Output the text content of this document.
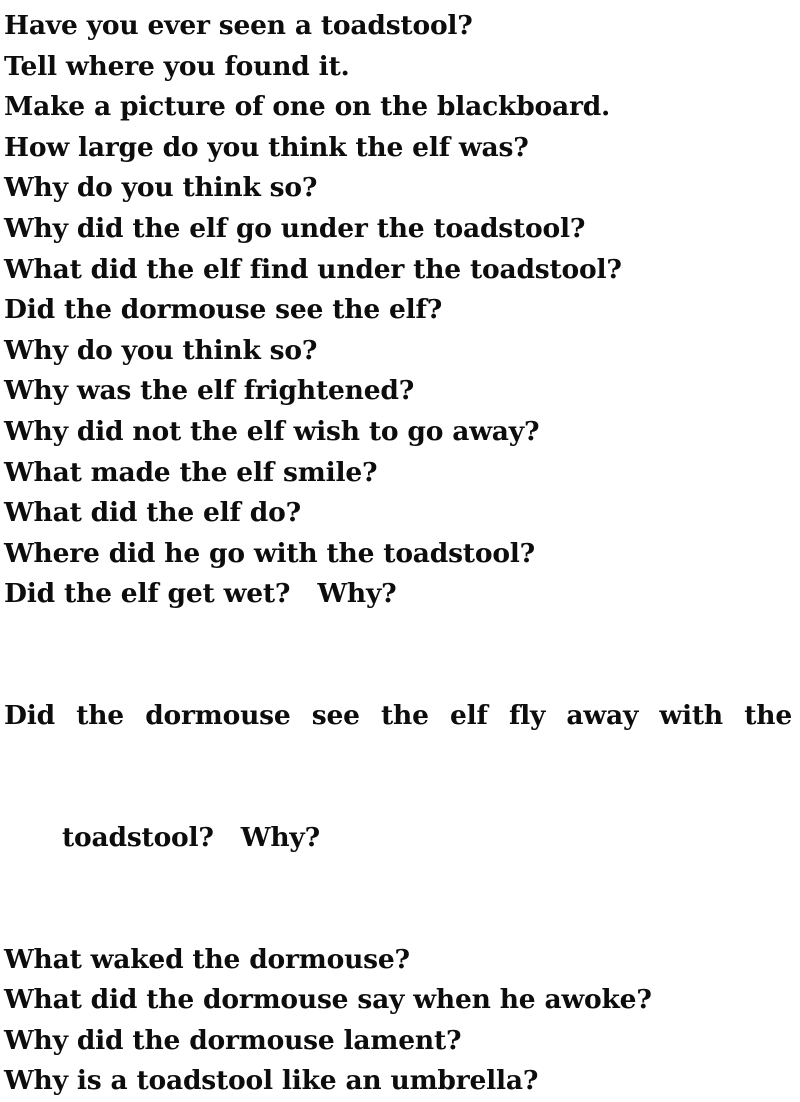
Have you ever seen a toadstool?
Tell where you found it.
Make a picture of one on the blackboard.
How large do you think the elf was?
Why do you think so?
Why did the elf go under the toadstool?
What did the elf find under the toadstool?
Did the dormouse see the elf?
Why do you think so?
Why was the elf frightened?
Why did not the elf wish to go away?
What made the elf smile?
What did the elf do?
Where did he go with the toadstool?
Did the elf get wet?   Why?

Did  the  dormouse  see  the  elf  fly  away  with  the

toadstool?   Why?

What waked the dormouse?
What did the dormouse say when he awoke?
Why did the dormouse lament?
Why is a toadstool like an umbrella?
